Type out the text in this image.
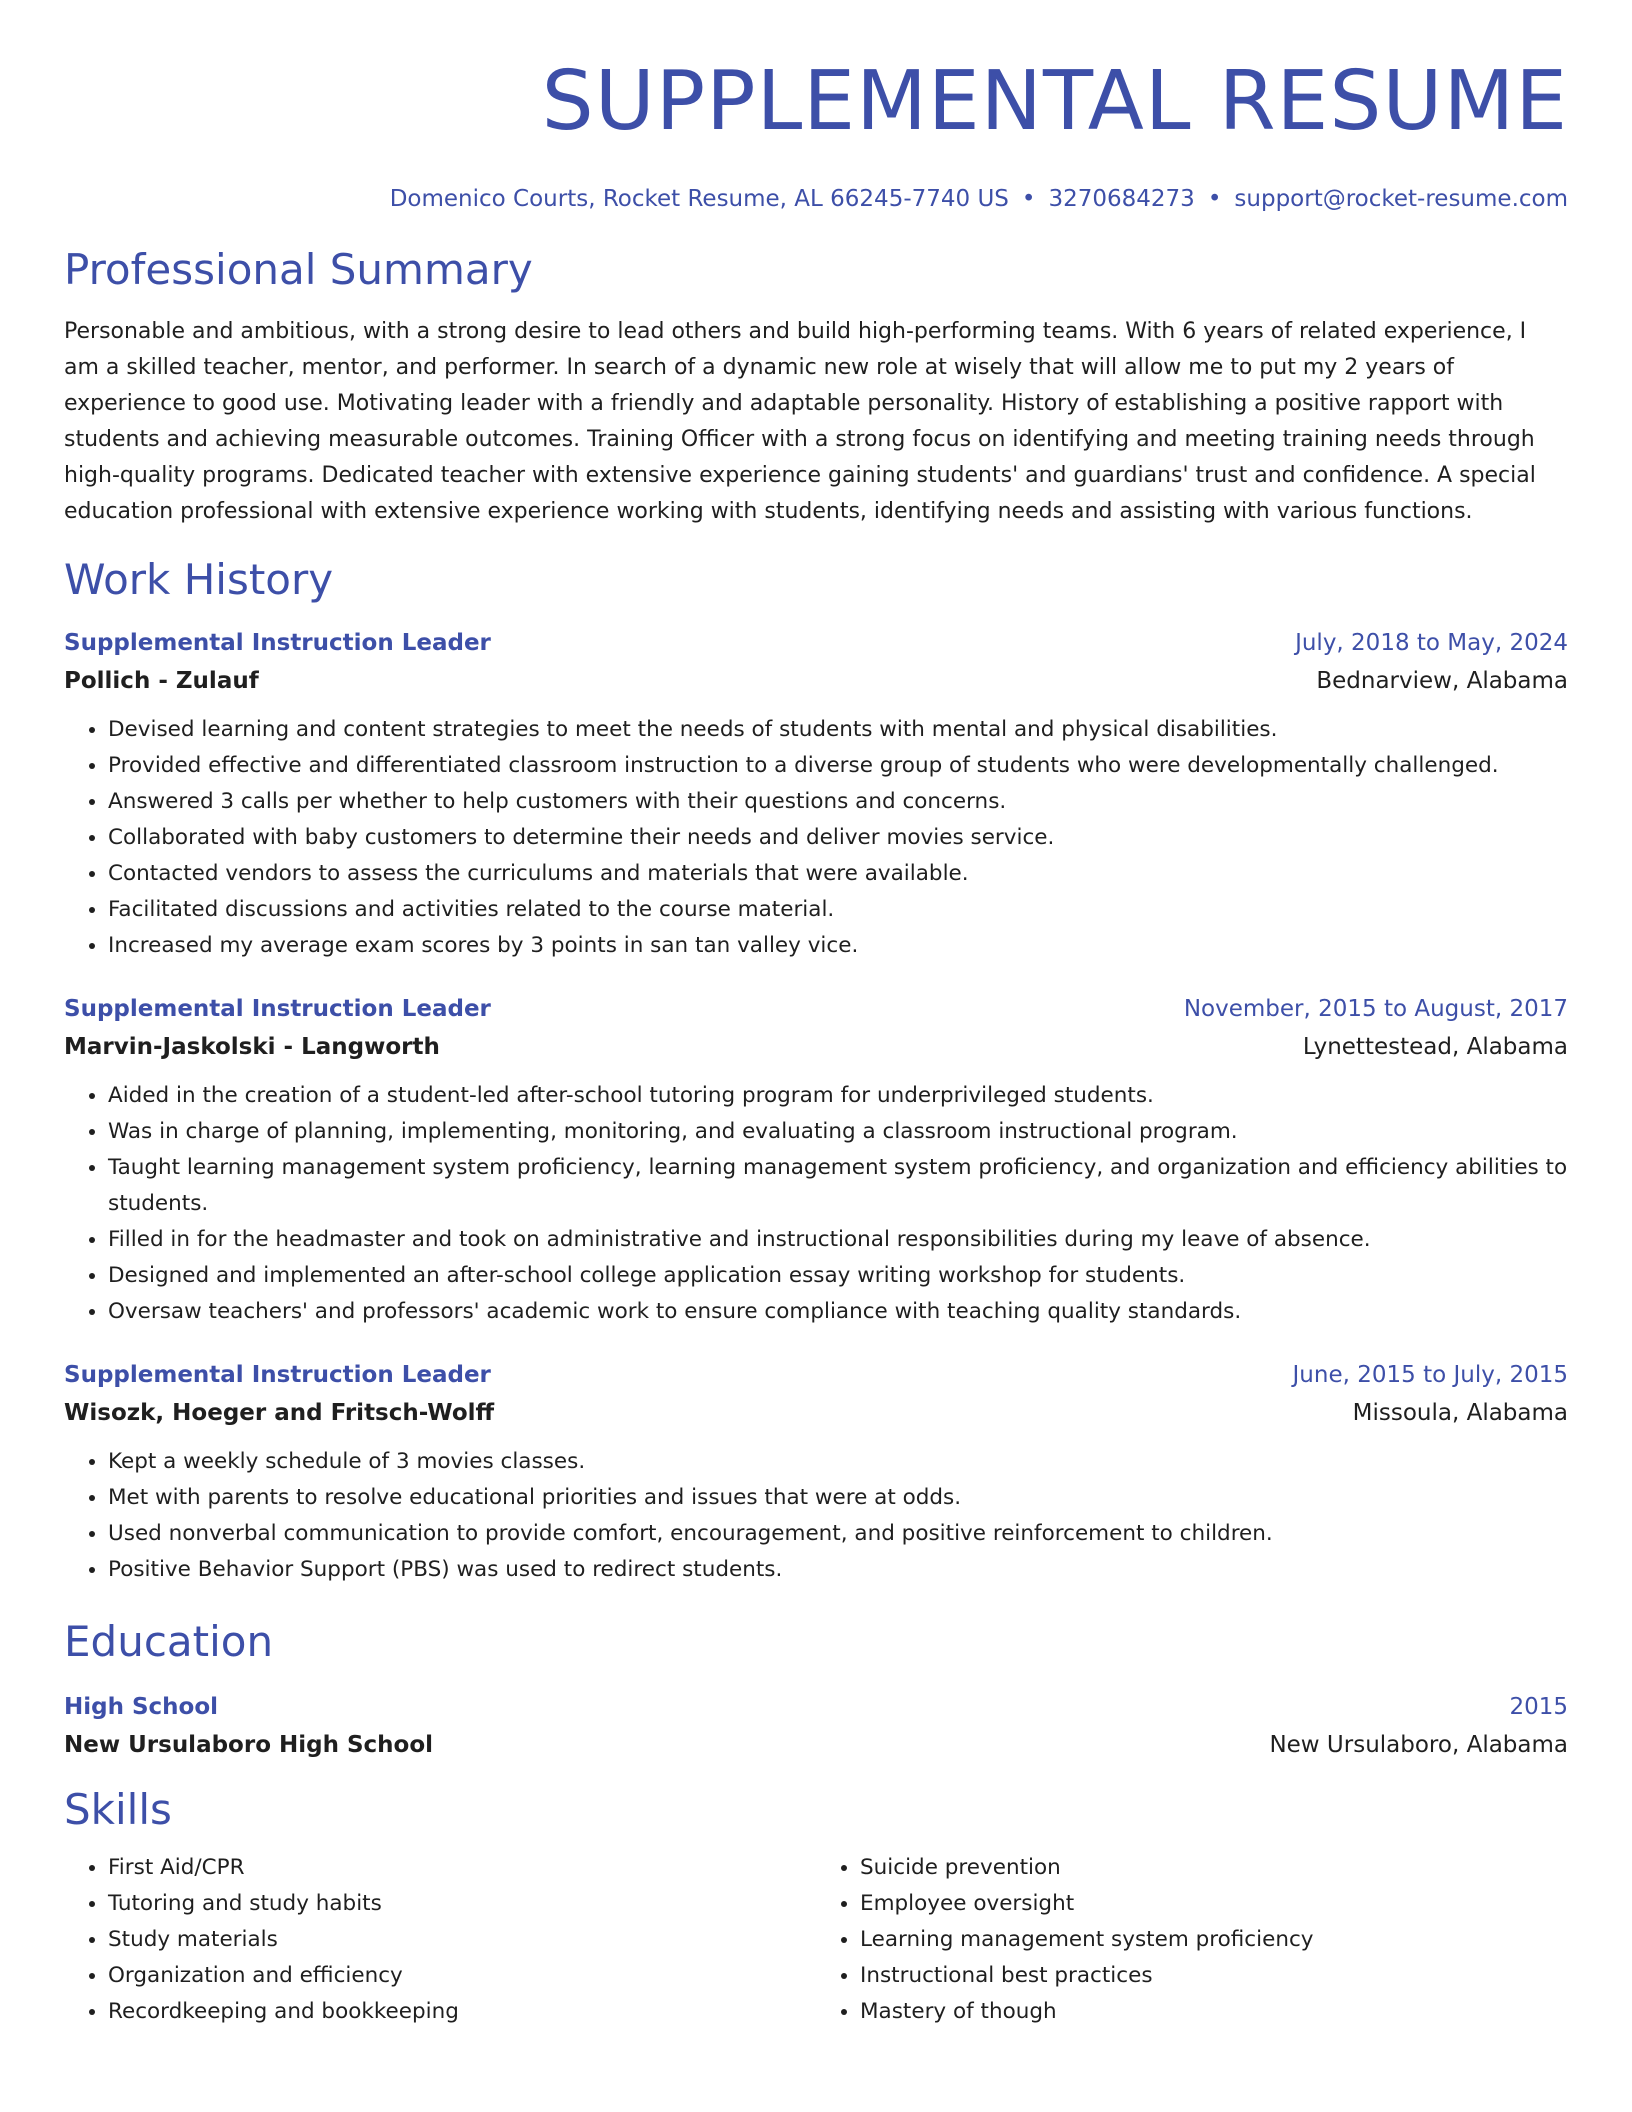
SUPPLEMENTAL RESUME
Domenico Courts, Rocket Resume, AL 66245-7740 US • 3270684273 • support@rocket-resume.com
Professional Summary

Personable and ambitious, with a strong desire to lead others and build high-performing teams. With 6 years of related experience, I am a skilled teacher, mentor, and performer. In search of a dynamic new role at wisely that will allow me to put my 2 years of experience to good use. Motivating leader with a friendly and adaptable personality. History of establishing a positive rapport with students and achieving measurable outcomes. Training Officer with a strong focus on identifying and meeting training needs through high-quality programs. Dedicated teacher with extensive experience gaining students' and guardians' trust and confidence. A special education professional with extensive experience working with students, identifying needs and assisting with various functions.

Work History
Supplemental Instruction Leader	July, 2018 to May, 2024
Pollich - Zulauf	Bednarview, Alabama
• Devised learning and content strategies to meet the needs of students with mental and physical disabilities.
• Provided effective and differentiated classroom instruction to a diverse group of students who were developmentally challenged.
• Answered 3 calls per whether to help customers with their questions and concerns.
• Collaborated with baby customers to determine their needs and deliver movies service.
• Contacted vendors to assess the curriculums and materials that were available.
• Facilitated discussions and activities related to the course material.
• Increased my average exam scores by 3 points in san tan valley vice.
Supplemental Instruction Leader	November, 2015 to August, 2017
Marvin-Jaskolski - Langworth	Lynettestead, Alabama
• Aided in the creation of a student-led after-school tutoring program for underprivileged students.
• Was in charge of planning, implementing, monitoring, and evaluating a classroom instructional program.
• Taught learning management system proficiency, learning management system proficiency, and organization and efficiency abilities to students.
• Filled in for the headmaster and took on administrative and instructional responsibilities during my leave of absence.
• Designed and implemented an after-school college application essay writing workshop for students.
• Oversaw teachers' and professors' academic work to ensure compliance with teaching quality standards.
Supplemental Instruction Leader	June, 2015 to July, 2015
Wisozk, Hoeger and Fritsch-Wolff	Missoula, Alabama
• Kept a weekly schedule of 3 movies classes.
• Met with parents to resolve educational priorities and issues that were at odds.
• Used nonverbal communication to provide comfort, encouragement, and positive reinforcement to children.
• Positive Behavior Support (PBS) was used to redirect students.
Education
High School	2015
New Ursulaboro High School	New Ursulaboro, Alabama
Skills
• First Aid/CPR
• Tutoring and study habits
• Study materials
• Organization and efficiency
• Recordkeeping and bookkeeping
• Suicide prevention
• Employee oversight
• Learning management system proficiency
• Instructional best practices
• Mastery of though
